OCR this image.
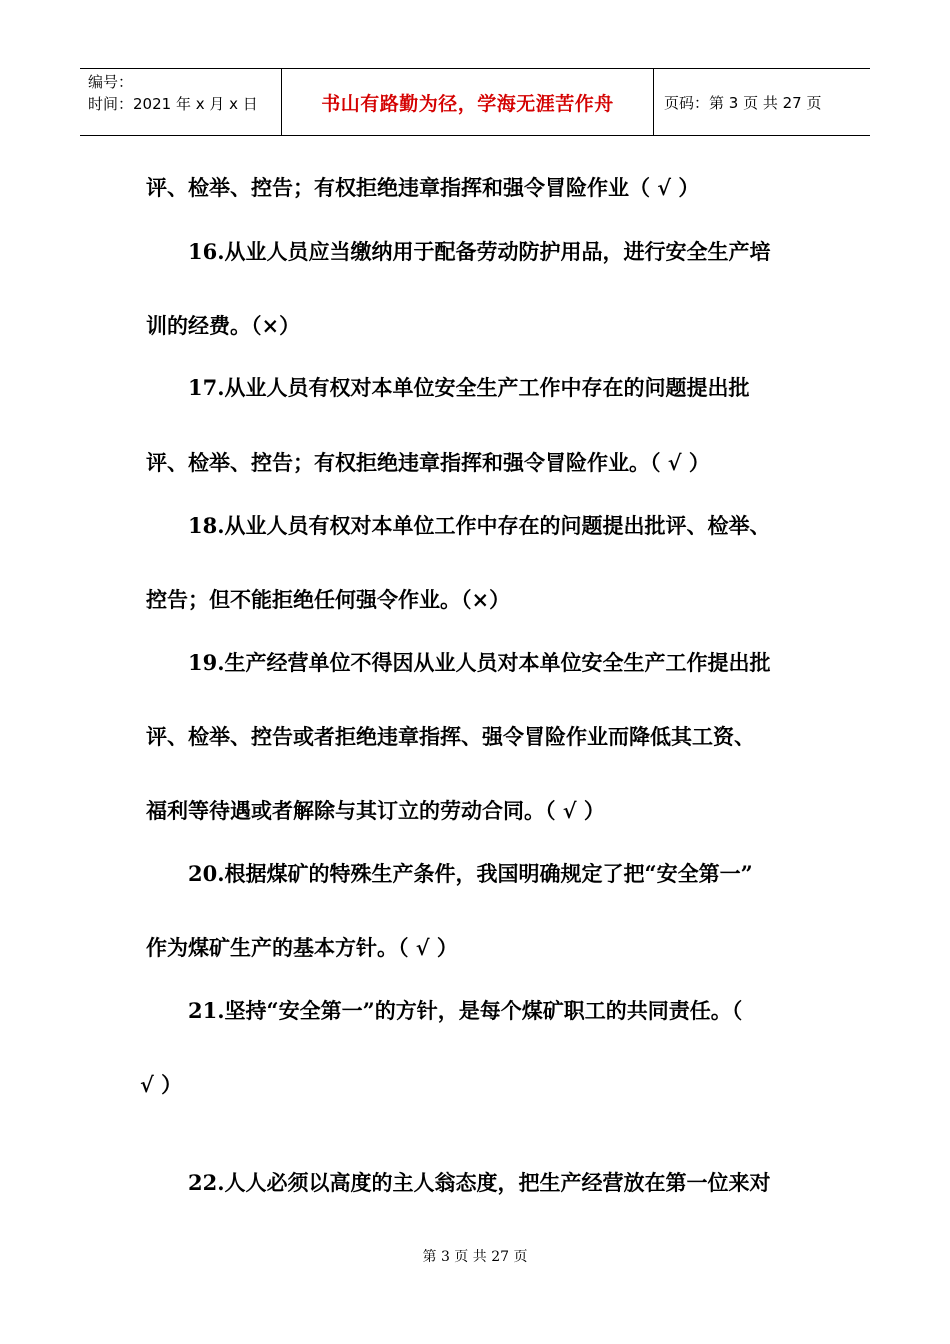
编号：
时间：2021 年 x 月 x 日	书山有路勤为径，学海无涯苦作舟	页码：第 3 页 共 27 页
评、检举、控告；有权拒绝违章指挥和强令冒险作业（ √ ）
16.从业人员应当缴纳用于配备劳动防护用品，进行安全生产培
训的经费。（×）
17.从业人员有权对本单位安全生产工作中存在的问题提出批
评、检举、控告；有权拒绝违章指挥和强令冒险作业。（ √ ）
18.从业人员有权对本单位工作中存在的问题提出批评、检举、
控告；但不能拒绝任何强令作业。（×）
19.生产经营单位不得因从业人员对本单位安全生产工作提出批
评、检举、控告或者拒绝违章指挥、强令冒险作业而降低其工资、
福利等待遇或者解除与其订立的劳动合同。（ √ ）
20.根据煤矿的特殊生产条件，我国明确规定了把“安全第一”
作为煤矿生产的基本方针。（ √ ）
21.坚持“安全第一”的方针，是每个煤矿职工的共同责任。（
√ ）
22.人人必须以高度的主人翁态度，把生产经营放在第一位来对
第 3 页 共 27 页
